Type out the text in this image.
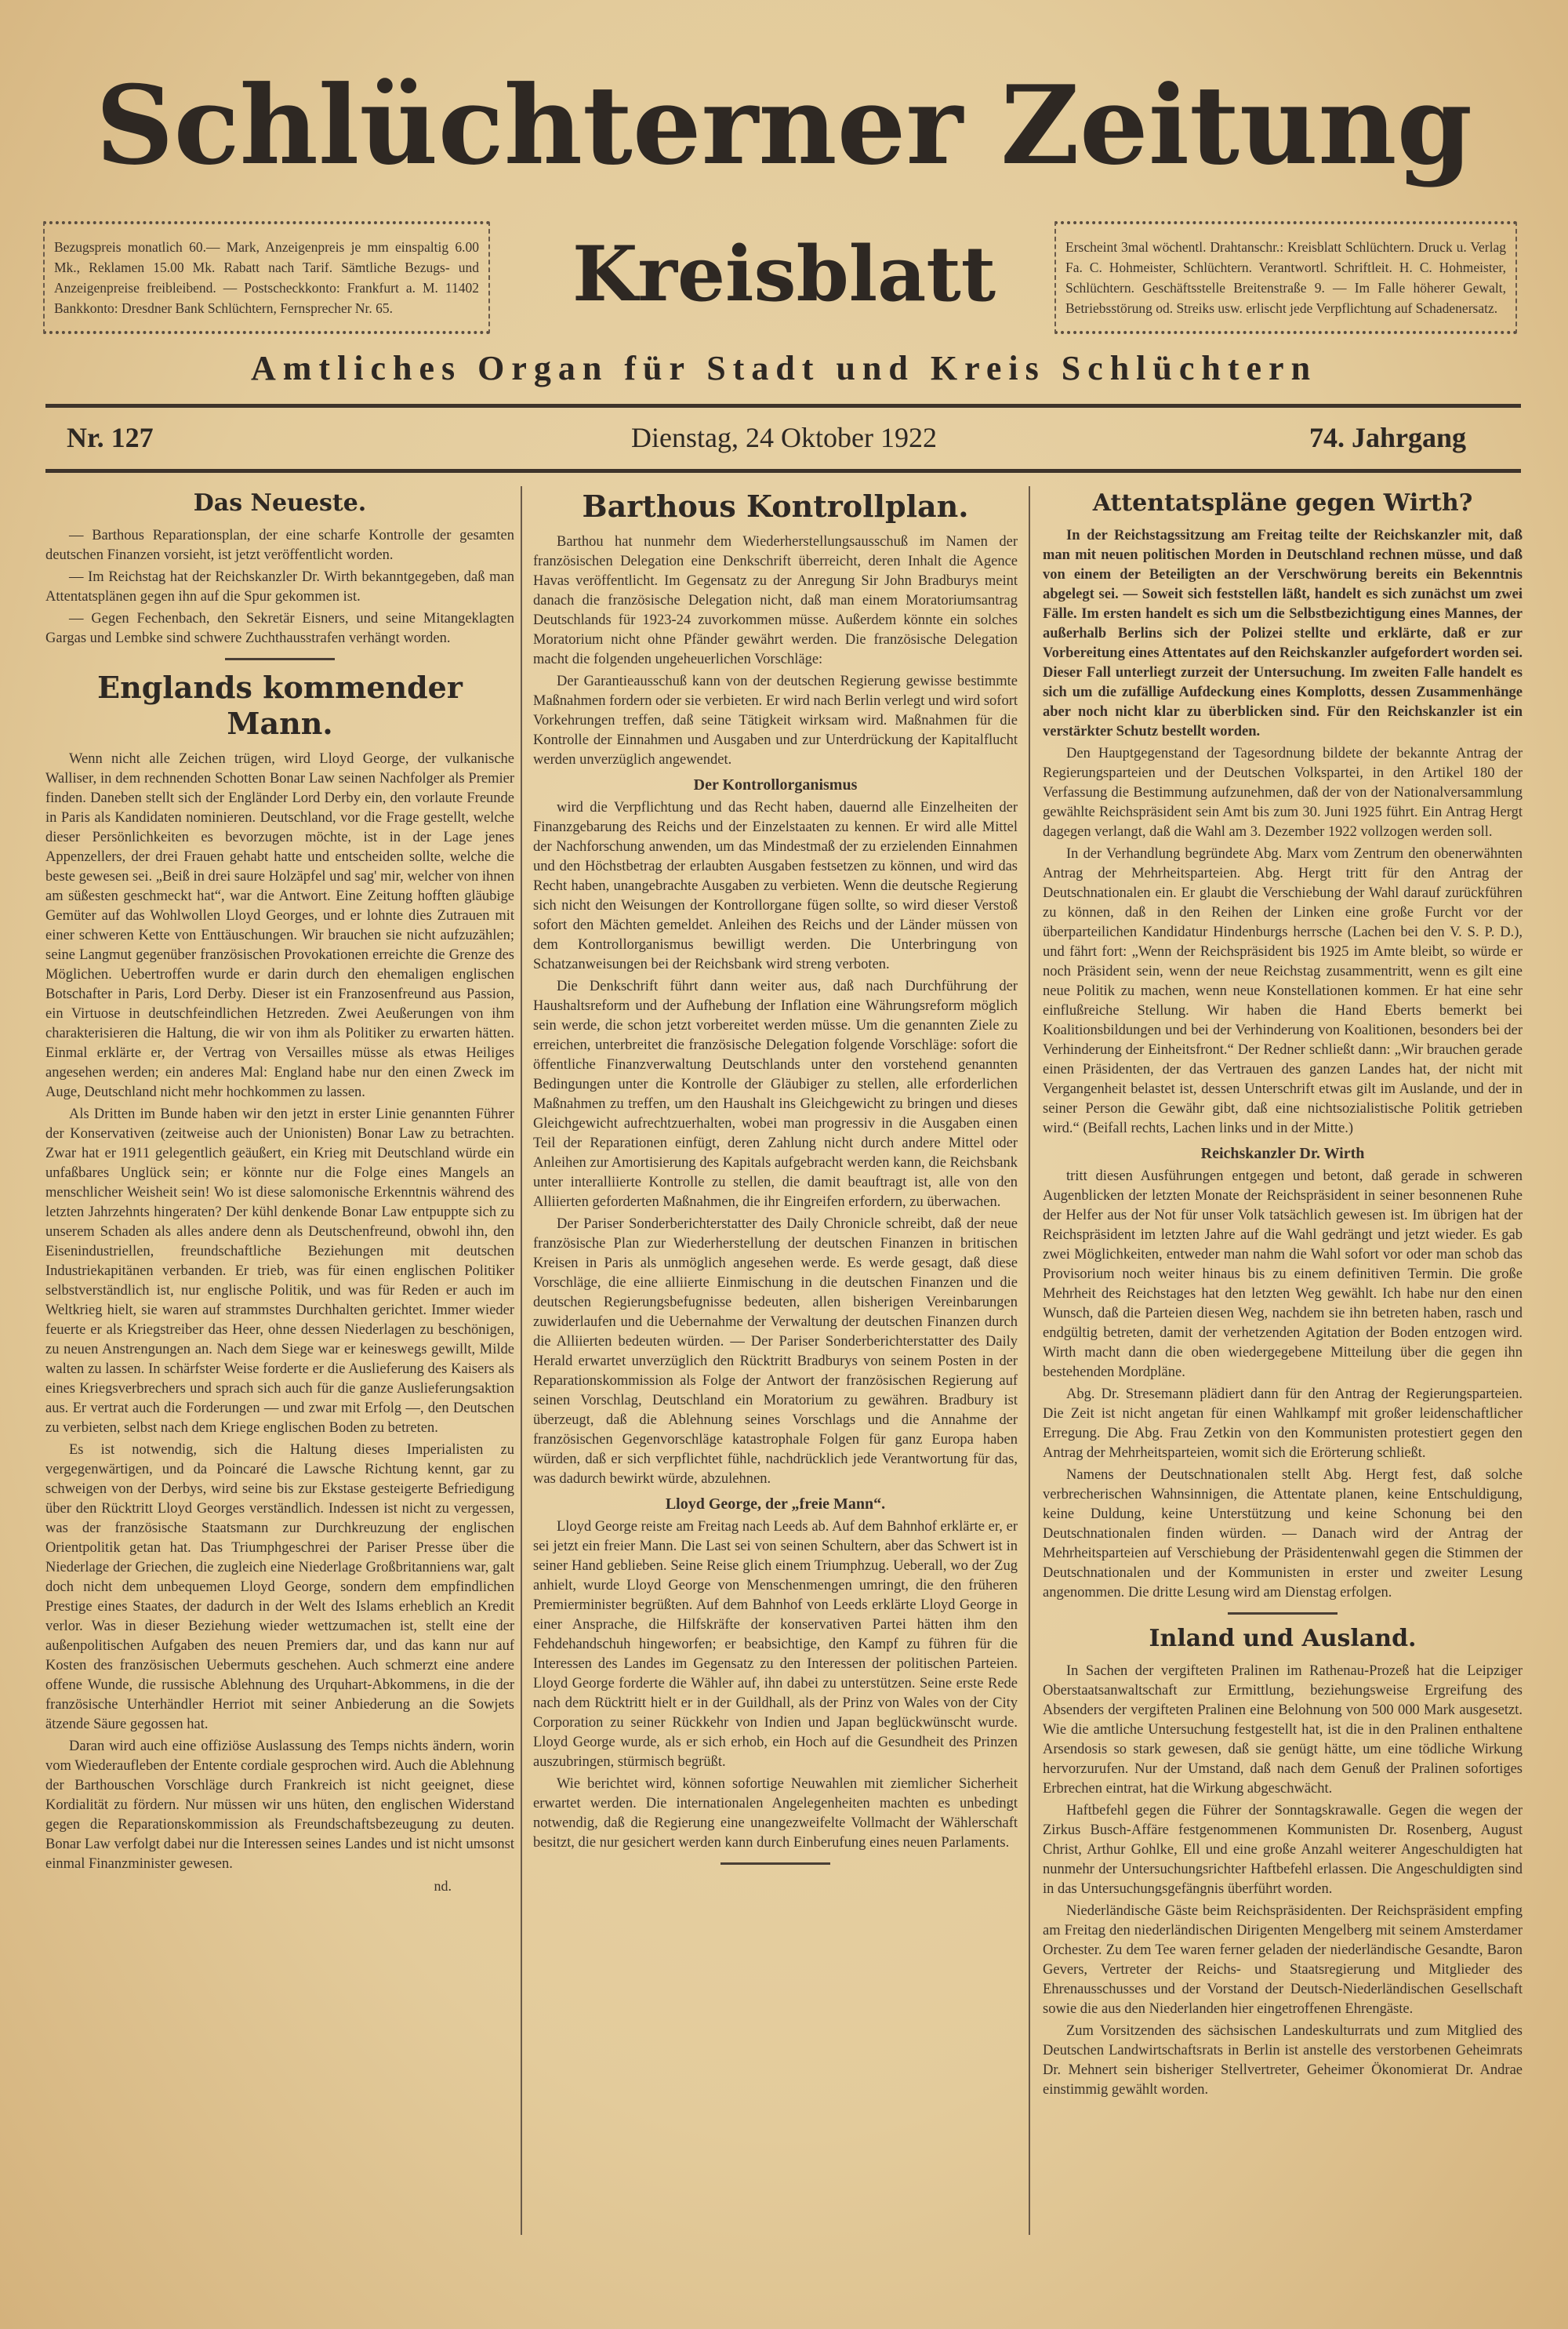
Schlüchterner Zeitung
Bezugspreis monatlich 60.— Mark, Anzeigenpreis je mm einspaltig 6.00 Mk., Reklamen 15.00 Mk. Rabatt nach Tarif. Sämtliche Bezugs- und Anzeigenpreise freibleibend. — Postscheckkonto: Frankfurt a. M. 11402 Bankkonto: Dresdner Bank Schlüchtern, Fernsprecher Nr. 65.	Kreisblatt	Erscheint 3mal wöchentl. Drahtanschr.: Kreisblatt Schlüchtern. Druck u. Verlag Fa. C. Hohmeister, Schlüchtern. Verantwortl. Schriftleit. H. C. Hohmeister, Schlüchtern. Geschäftsstelle Breitenstraße 9. — Im Falle höherer Gewalt, Betriebsstörung od. Streiks usw. erlischt jede Verpflichtung auf Schadenersatz.
Amtliches Organ für Stadt und Kreis Schlüchtern
Dienstag, 24 Oktober 1922
Nr. 127	74. Jahrgang
Das Neueste.

— Barthous Reparationsplan, der eine scharfe Kontrolle der gesamten deutschen Finanzen vorsieht, ist jetzt veröffentlicht worden.

— Im Reichstag hat der Reichskanzler Dr. Wirth bekanntgegeben, daß man Attentatsplänen gegen ihn auf die Spur gekommen ist.

— Gegen Fechenbach, den Sekretär Eisners, und seine Mitangeklagten Gargas und Lembke sind schwere Zuchthausstrafen verhängt worden.

Englands kommender Mann.

Wenn nicht alle Zeichen trügen, wird Lloyd George, der vulkanische Walliser, in dem rechnenden Schotten Bonar Law seinen Nachfolger als Premier finden. Daneben stellt sich der Engländer Lord Derby ein, den vorlaute Freunde in Paris als Kandidaten nominieren. Deutschland, vor die Frage gestellt, welche dieser Persönlichkeiten es bevorzugen möchte, ist in der Lage jenes Appenzellers, der drei Frauen gehabt hatte und entscheiden sollte, welche die beste gewesen sei. „Beiß in drei saure Holzäpfel und sag' mir, welcher von ihnen am süßesten geschmeckt hat“, war die Antwort. Eine Zeitung hofften gläubige Gemüter auf das Wohlwollen Lloyd Georges, und er lohnte dies Zutrauen mit einer schweren Kette von Enttäuschungen. Wir brauchen sie nicht aufzuzählen; seine Langmut gegenüber französischen Provokationen erreichte die Grenze des Möglichen. Uebertroffen wurde er darin durch den ehemaligen englischen Botschafter in Paris, Lord Derby. Dieser ist ein Franzosenfreund aus Passion, ein Virtuose in deutschfeindlichen Hetzreden. Zwei Aeußerungen von ihm charakterisieren die Haltung, die wir von ihm als Politiker zu erwarten hätten. Einmal erklärte er, der Vertrag von Versailles müsse als etwas Heiliges angesehen werden; ein anderes Mal: England habe nur den einen Zweck im Auge, Deutschland nicht mehr hochkommen zu lassen.

Als Dritten im Bunde haben wir den jetzt in erster Linie genannten Führer der Konservativen (zeitweise auch der Unionisten) Bonar Law zu betrachten. Zwar hat er 1911 gelegentlich geäußert, ein Krieg mit Deutschland würde ein unfaßbares Unglück sein; er könnte nur die Folge eines Mangels an menschlicher Weisheit sein! Wo ist diese salomonische Erkenntnis während des letzten Jahrzehnts hingeraten? Der kühl denkende Bonar Law entpuppte sich zu unserem Schaden als alles andere denn als Deutschenfreund, obwohl ihn, den Eisenindustriellen, freundschaftliche Beziehungen mit deutschen Industriekapitänen verbanden. Er trieb, was für einen englischen Politiker selbstverständlich ist, nur englische Politik, und was für Reden er auch im Weltkrieg hielt, sie waren auf strammstes Durchhalten gerichtet. Immer wieder feuerte er als Kriegstreiber das Heer, ohne dessen Niederlagen zu beschönigen, zu neuen Anstrengungen an. Nach dem Siege war er keineswegs gewillt, Milde walten zu lassen. In schärfster Weise forderte er die Auslieferung des Kaisers als eines Kriegsverbrechers und sprach sich auch für die ganze Auslieferungsaktion aus. Er vertrat auch die Forderungen — und zwar mit Erfolg —, den Deutschen zu verbieten, selbst nach dem Kriege englischen Boden zu betreten.

Es ist notwendig, sich die Haltung dieses Imperialisten zu vergegenwärtigen, und da Poincaré die Lawsche Richtung kennt, gar zu schweigen von der Derbys, wird seine bis zur Ekstase gesteigerte Befriedigung über den Rücktritt Lloyd Georges verständlich. Indessen ist nicht zu vergessen, was der französische Staatsmann zur Durchkreuzung der englischen Orientpolitik getan hat. Das Triumphgeschrei der Pariser Presse über die Niederlage der Griechen, die zugleich eine Niederlage Großbritanniens war, galt doch nicht dem unbequemen Lloyd George, sondern dem empfindlichen Prestige eines Staates, der dadurch in der Welt des Islams erheblich an Kredit verlor. Was in dieser Beziehung wieder wettzumachen ist, stellt eine der außenpolitischen Aufgaben des neuen Premiers dar, und das kann nur auf Kosten des französischen Uebermuts geschehen. Auch schmerzt eine andere offene Wunde, die russische Ablehnung des Urquhart-Abkommens, in die der französische Unterhändler Herriot mit seiner Anbiederung an die Sowjets ätzende Säure gegossen hat.

Daran wird auch eine offiziöse Auslassung des Temps nichts ändern, worin vom Wiederaufleben der Entente cordiale gesprochen wird. Auch die Ablehnung der Barthouschen Vorschläge durch Frankreich ist nicht geeignet, diese Kordialität zu fördern. Nur müssen wir uns hüten, den englischen Widerstand gegen die Reparationskommission als Freundschaftsbezeugung zu deuten. Bonar Law verfolgt dabei nur die Interessen seines Landes und ist nicht umsonst einmal Finanzminister gewesen.

nd.
Barthous Kontrollplan.

Barthou hat nunmehr dem Wiederherstellungsausschuß im Namen der französischen Delegation eine Denkschrift überreicht, deren Inhalt die Agence Havas veröffentlicht. Im Gegensatz zu der Anregung Sir John Bradburys meint danach die französische Delegation nicht, daß man einem Moratoriumsantrag Deutschlands für 1923-24 zuvorkommen müsse. Außerdem könnte ein solches Moratorium nicht ohne Pfänder gewährt werden. Die französische Delegation macht die folgenden ungeheuerlichen Vorschläge:

Der Garantieausschuß kann von der deutschen Regierung gewisse bestimmte Maßnahmen fordern oder sie verbieten. Er wird nach Berlin verlegt und wird sofort Vorkehrungen treffen, daß seine Tätigkeit wirksam wird. Maßnahmen für die Kontrolle der Einnahmen und Ausgaben und zur Unterdrückung der Kapitalflucht werden unverzüglich angewendet.

Der Kontrollorganismus

wird die Verpflichtung und das Recht haben, dauernd alle Einzelheiten der Finanzgebarung des Reichs und der Einzelstaaten zu kennen. Er wird alle Mittel der Nachforschung anwenden, um das Mindestmaß der zu erzielenden Einnahmen und den Höchstbetrag der erlaubten Ausgaben festsetzen zu können, und wird das Recht haben, unangebrachte Ausgaben zu verbieten. Wenn die deutsche Regierung sich nicht den Weisungen der Kontrollorgane fügen sollte, so wird dieser Verstoß sofort den Mächten gemeldet. Anleihen des Reichs und der Länder müssen von dem Kontrollorganismus bewilligt werden. Die Unterbringung von Schatzanweisungen bei der Reichsbank wird streng verboten.

Die Denkschrift führt dann weiter aus, daß nach Durchführung der Haushaltsreform und der Aufhebung der Inflation eine Währungsreform möglich sein werde, die schon jetzt vorbereitet werden müsse. Um die genannten Ziele zu erreichen, unterbreitet die französische Delegation folgende Vorschläge: sofort die öffentliche Finanzverwaltung Deutschlands unter den vorstehend genannten Bedingungen unter die Kontrolle der Gläubiger zu stellen, alle erforderlichen Maßnahmen zu treffen, um den Haushalt ins Gleichgewicht zu bringen und dieses Gleichgewicht aufrechtzuerhalten, wobei man progressiv in die Ausgaben einen Teil der Reparationen einfügt, deren Zahlung nicht durch andere Mittel oder Anleihen zur Amortisierung des Kapitals aufgebracht werden kann, die Reichsbank unter interalliierte Kontrolle zu stellen, die damit beauftragt ist, alle von den Alliierten geforderten Maßnahmen, die ihr Eingreifen erfordern, zu überwachen.

Der Pariser Sonderberichterstatter des Daily Chronicle schreibt, daß der neue französische Plan zur Wiederherstellung der deutschen Finanzen in britischen Kreisen in Paris als unmöglich angesehen werde. Es werde gesagt, daß diese Vorschläge, die eine alliierte Einmischung in die deutschen Finanzen und die deutschen Regierungsbefugnisse bedeuten, allen bisherigen Vereinbarungen zuwiderlaufen und die Uebernahme der Verwaltung der deutschen Finanzen durch die Alliierten bedeuten würden. — Der Pariser Sonderberichterstatter des Daily Herald erwartet unverzüglich den Rücktritt Bradburys von seinem Posten in der Reparationskommission als Folge der Antwort der französischen Regierung auf seinen Vorschlag, Deutschland ein Moratorium zu gewähren. Bradbury ist überzeugt, daß die Ablehnung seines Vorschlags und die Annahme der französischen Gegenvorschläge katastrophale Folgen für ganz Europa haben würden, daß er sich verpflichtet fühle, nachdrücklich jede Verantwortung für das, was dadurch bewirkt würde, abzulehnen.

Lloyd George, der „freie Mann“.

Lloyd George reiste am Freitag nach Leeds ab. Auf dem Bahnhof erklärte er, er sei jetzt ein freier Mann. Die Last sei von seinen Schultern, aber das Schwert ist in seiner Hand geblieben. Seine Reise glich einem Triumphzug. Ueberall, wo der Zug anhielt, wurde Lloyd George von Menschenmengen umringt, die den früheren Premierminister begrüßten. Auf dem Bahnhof von Leeds erklärte Lloyd George in einer Ansprache, die Hilfskräfte der konservativen Partei hätten ihm den Fehdehandschuh hingeworfen; er beabsichtige, den Kampf zu führen für die Interessen des Landes im Gegensatz zu den Interessen der politischen Parteien. Lloyd George forderte die Wähler auf, ihn dabei zu unterstützen. Seine erste Rede nach dem Rücktritt hielt er in der Guildhall, als der Prinz von Wales von der City Corporation zu seiner Rückkehr von Indien und Japan beglückwünscht wurde. Lloyd George wurde, als er sich erhob, ein Hoch auf die Gesundheit des Prinzen auszubringen, stürmisch begrüßt.

Wie berichtet wird, können sofortige Neuwahlen mit ziemlicher Sicherheit erwartet werden. Die internationalen Angelegenheiten machten es unbedingt notwendig, daß die Regierung eine unangezweifelte Vollmacht der Wählerschaft besitzt, die nur gesichert werden kann durch Einberufung eines neuen Parlaments.

Attentatspläne gegen Wirth?

In der Reichstagssitzung am Freitag teilte der Reichskanzler mit, daß man mit neuen politischen Morden in Deutschland rechnen müsse, und daß von einem der Beteiligten an der Verschwörung bereits ein Bekenntnis abgelegt sei. — Soweit sich feststellen läßt, handelt es sich zunächst um zwei Fälle. Im ersten handelt es sich um die Selbstbezichtigung eines Mannes, der außerhalb Berlins sich der Polizei stellte und erklärte, daß er zur Vorbereitung eines Attentates auf den Reichskanzler aufgefordert worden sei. Dieser Fall unterliegt zurzeit der Untersuchung. Im zweiten Falle handelt es sich um die zufällige Aufdeckung eines Komplotts, dessen Zusammenhänge aber noch nicht klar zu überblicken sind. Für den Reichskanzler ist ein verstärkter Schutz bestellt worden.

Den Hauptgegenstand der Tagesordnung bildete der bekannte Antrag der Regierungsparteien und der Deutschen Volkspartei, in den Artikel 180 der Verfassung die Bestimmung aufzunehmen, daß der von der Nationalversammlung gewählte Reichspräsident sein Amt bis zum 30. Juni 1925 führt. Ein Antrag Hergt dagegen verlangt, daß die Wahl am 3. Dezember 1922 vollzogen werden soll.

In der Verhandlung begründete Abg. Marx vom Zentrum den obenerwähnten Antrag der Mehrheitsparteien. Abg. Hergt tritt für den Antrag der Deutschnationalen ein. Er glaubt die Verschiebung der Wahl darauf zurückführen zu können, daß in den Reihen der Linken eine große Furcht vor der überparteilichen Kandidatur Hindenburgs herrsche (Lachen bei den V. S. P. D.), und fährt fort: „Wenn der Reichspräsident bis 1925 im Amte bleibt, so würde er noch Präsident sein, wenn der neue Reichstag zusammentritt, wenn es gilt eine neue Politik zu machen, wenn neue Konstellationen kommen. Er hat eine sehr einflußreiche Stellung. Wir haben die Hand Eberts bemerkt bei Koalitionsbildungen und bei der Verhinderung von Koalitionen, besonders bei der Verhinderung der Einheitsfront.“ Der Redner schließt dann: „Wir brauchen gerade einen Präsidenten, der das Vertrauen des ganzen Landes hat, der nicht mit Vergangenheit belastet ist, dessen Unterschrift etwas gilt im Auslande, und der in seiner Person die Gewähr gibt, daß eine nichtsozialistische Politik getrieben wird.“ (Beifall rechts, Lachen links und in der Mitte.)

Reichskanzler Dr. Wirth

tritt diesen Ausführungen entgegen und betont, daß gerade in schweren Augenblicken der letzten Monate der Reichspräsident in seiner besonnenen Ruhe der Helfer aus der Not für unser Volk tatsächlich gewesen ist. Im übrigen hat der Reichspräsident im letzten Jahre auf die Wahl gedrängt und jetzt wieder. Es gab zwei Möglichkeiten, entweder man nahm die Wahl sofort vor oder man schob das Provisorium noch weiter hinaus bis zu einem definitiven Termin. Die große Mehrheit des Reichstages hat den letzten Weg gewählt. Ich habe nur den einen Wunsch, daß die Parteien diesen Weg, nachdem sie ihn betreten haben, rasch und endgültig betreten, damit der verhetzenden Agitation der Boden entzogen wird. Wirth macht dann die oben wiedergegebene Mitteilung über die gegen ihn bestehenden Mordpläne.

Abg. Dr. Stresemann plädiert dann für den Antrag der Regierungsparteien. Die Zeit ist nicht angetan für einen Wahlkampf mit großer leidenschaftlicher Erregung. Die Abg. Frau Zetkin von den Kommunisten protestiert gegen den Antrag der Mehrheitsparteien, womit sich die Erörterung schließt.

Namens der Deutschnationalen stellt Abg. Hergt fest, daß solche verbrecherischen Wahnsinnigen, die Attentate planen, keine Entschuldigung, keine Duldung, keine Unterstützung und keine Schonung bei den Deutschnationalen finden würden. — Danach wird der Antrag der Mehrheitsparteien auf Verschiebung der Präsidentenwahl gegen die Stimmen der Deutschnationalen und der Kommunisten in erster und zweiter Lesung angenommen. Die dritte Lesung wird am Dienstag erfolgen.

Inland und Ausland.

In Sachen der vergifteten Pralinen im Rathenau-Prozeß hat die Leipziger Oberstaatsanwaltschaft zur Ermittlung, beziehungsweise Ergreifung des Absenders der vergifteten Pralinen eine Belohnung von 500 000 Mark ausgesetzt. Wie die amtliche Untersuchung festgestellt hat, ist die in den Pralinen enthaltene Arsendosis so stark gewesen, daß sie genügt hätte, um eine tödliche Wirkung hervorzurufen. Nur der Umstand, daß nach dem Genuß der Pralinen sofortiges Erbrechen eintrat, hat die Wirkung abgeschwächt.

Haftbefehl gegen die Führer der Sonntagskrawalle. Gegen die wegen der Zirkus Busch-Affäre festgenommenen Kommunisten Dr. Rosenberg, August Christ, Arthur Gohlke, Ell und eine große Anzahl weiterer Angeschuldigten hat nunmehr der Untersuchungsrichter Haftbefehl erlassen. Die Angeschuldigten sind in das Untersuchungsgefängnis überführt worden.

Niederländische Gäste beim Reichspräsidenten. Der Reichspräsident empfing am Freitag den niederländischen Dirigenten Mengelberg mit seinem Amsterdamer Orchester. Zu dem Tee waren ferner geladen der niederländische Gesandte, Baron Gevers, Vertreter der Reichs- und Staatsregierung und Mitglieder des Ehrenausschusses und der Vorstand der Deutsch-Niederländischen Gesellschaft sowie die aus den Niederlanden hier eingetroffenen Ehrengäste.

Zum Vorsitzenden des sächsischen Landeskulturrats und zum Mitglied des Deutschen Landwirtschaftsrats in Berlin ist anstelle des verstorbenen Geheimrats Dr. Mehnert sein bisheriger Stellvertreter, Geheimer Ökonomierat Dr. Andrae einstimmig gewählt worden.
